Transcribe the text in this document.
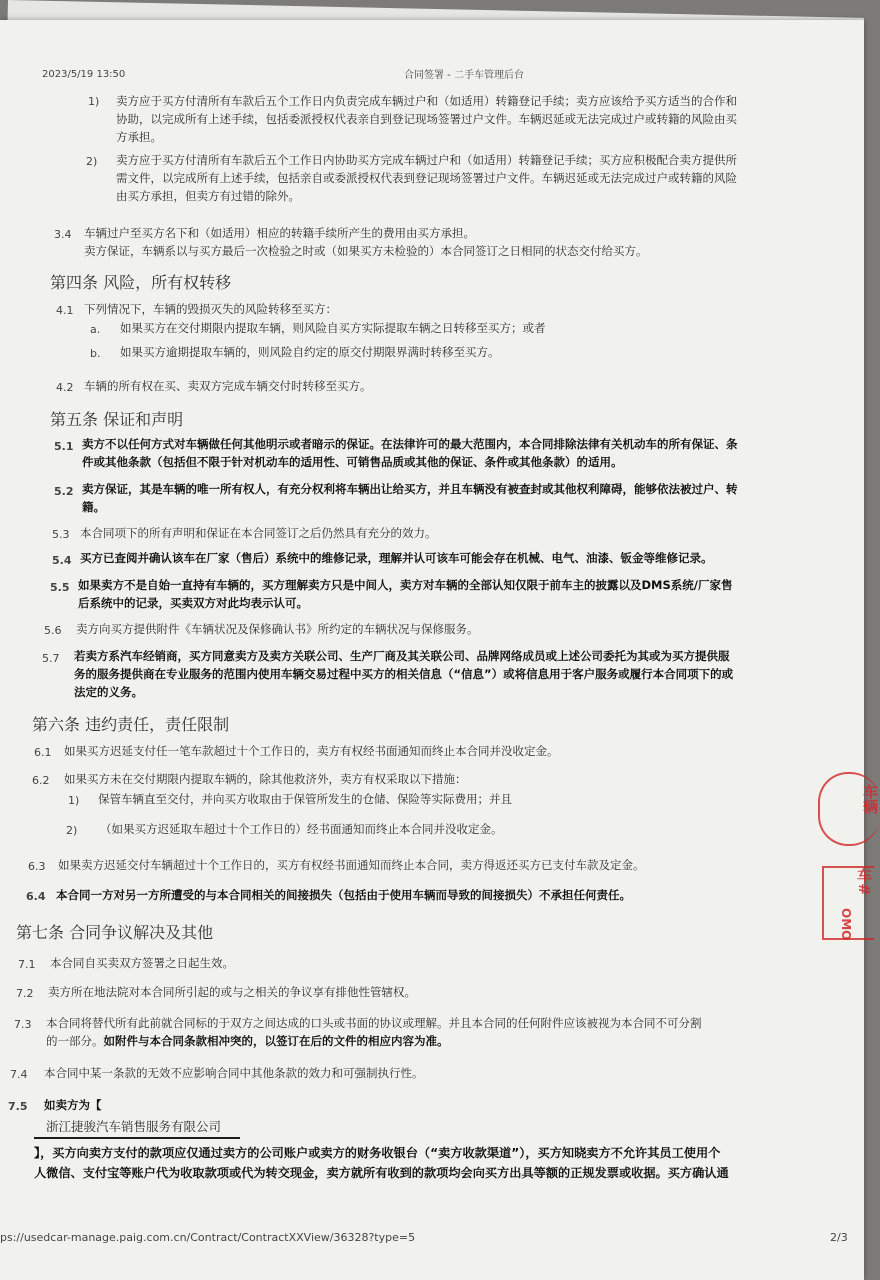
2023/5/19 13:50	合同签署 - 二手车管理后台
1) 卖方应于买方付清所有车款后五个工作日内负责完成车辆过户和（如适用）转籍登记手续；卖方应该给予买方适当的合作和
协助，以完成所有上述手续，包括委派授权代表亲自到登记现场签署过户文件。车辆迟延或无法完成过户或转籍的风险由买
方承担。
2) 卖方应于买方付清所有车款后五个工作日内协助买方完成车辆过户和（如适用）转籍登记手续；买方应积极配合卖方提供所
需文件，以完成所有上述手续，包括亲自或委派授权代表到登记现场签署过户文件。车辆迟延或无法完成过户或转籍的风险
由买方承担，但卖方有过错的除外。
3.4 车辆过户至买方名下和（如适用）相应的转籍手续所产生的费用由买方承担。
卖方保证，车辆系以与买方最后一次检验之时或（如果买方未检验的）本合同签订之日相同的状态交付给买方。
第四条 风险，所有权转移
4.1 下列情况下，车辆的毁损灭失的风险转移至买方：
a. 如果买方在交付期限内提取车辆，则风险自买方实际提取车辆之日转移至买方；或者
b. 如果买方逾期提取车辆的，则风险自约定的原交付期限界满时转移至买方。
4.2 车辆的所有权在买、卖双方完成车辆交付时转移至买方。
第五条 保证和声明
5.1 卖方不以任何方式对车辆做任何其他明示或者暗示的保证。在法律许可的最大范围内，本合同排除法律有关机动车的所有保证、条
件或其他条款（包括但不限于针对机动车的适用性、可销售品质或其他的保证、条件或其他条款）的适用。
5.2 卖方保证，其是车辆的唯一所有权人，有充分权利将车辆出让给买方，并且车辆没有被查封或其他权利障碍，能够依法被过户、转
籍。
5.3 本合同项下的所有声明和保证在本合同签订之后仍然具有充分的效力。
5.4 买方已查阅并确认该车在厂家（售后）系统中的维修记录，理解并认可该车可能会存在机械、电气、油漆、钣金等维修记录。
5.5 如果卖方不是自始一直持有车辆的，买方理解卖方只是中间人，卖方对车辆的全部认知仅限于前车主的披露以及DMS系统/厂家售
后系统中的记录，买卖双方对此均表示认可。
5.6 卖方向买方提供附件《车辆状况及保修确认书》所约定的车辆状况与保修服务。
5.7 若卖方系汽车经销商，买方同意卖方及卖方关联公司、生产厂商及其关联公司、品牌网络成员或上述公司委托为其或为买方提供服
务的服务提供商在专业服务的范围内使用车辆交易过程中买方的相关信息（“信息”）或将信息用于客户服务或履行本合同项下的或
法定的义务。
第六条 违约责任，责任限制
6.1 如果买方迟延支付任一笔车款超过十个工作日的，卖方有权经书面通知而终止本合同并没收定金。
6.2 如果买方未在交付期限内提取车辆的，除其他救济外，卖方有权采取以下措施：
1) 保管车辆直至交付，并向买方收取由于保管所发生的仓储、保险等实际费用；并且
2) （如果买方迟延取车超过十个工作日的）经书面通知而终止本合同并没收定金。
6.3 如果卖方迟延交付车辆超过十个工作日的，买方有权经书面通知而终止本合同，卖方得返还买方已支付车款及定金。
6.4 本合同一方对另一方所遭受的与本合同相关的间接损失（包括由于使用车辆而导致的间接损失）不承担任何责任。
第七条 合同争议解决及其他
7.1 本合同自买卖双方签署之日起生效。
7.2 卖方所在地法院对本合同所引起的或与之相关的争议享有排他性管辖权。
7.3 本合同将替代所有此前就合同标的于双方之间达成的口头或书面的协议或理解。并且本合同的任何附件应该被视为本合同不可分割
的一部分。如附件与本合同条款相冲突的，以签订在后的文件的相应内容为准。
7.4 本合同中某一条款的无效不应影响合同中其他条款的效力和可强制执行性。
7.5 如卖方为【
浙江捷骏汽车销售服务有限公司
】，买方向卖方支付的款项应仅通过卖方的公司账户或卖方的财务收银台（“卖方收款渠道”），买方知晓卖方不允许其员工使用个
人微信、支付宝等账户代为收取款项或代为转交现金，卖方就所有收到的款项均会向买方出具等额的正规发票或收据。买方确认通
ps://usedcar-manage.paig.com.cn/Contract/ContractXXView/36328?type=5	2/3
车辆
车#
OMO
